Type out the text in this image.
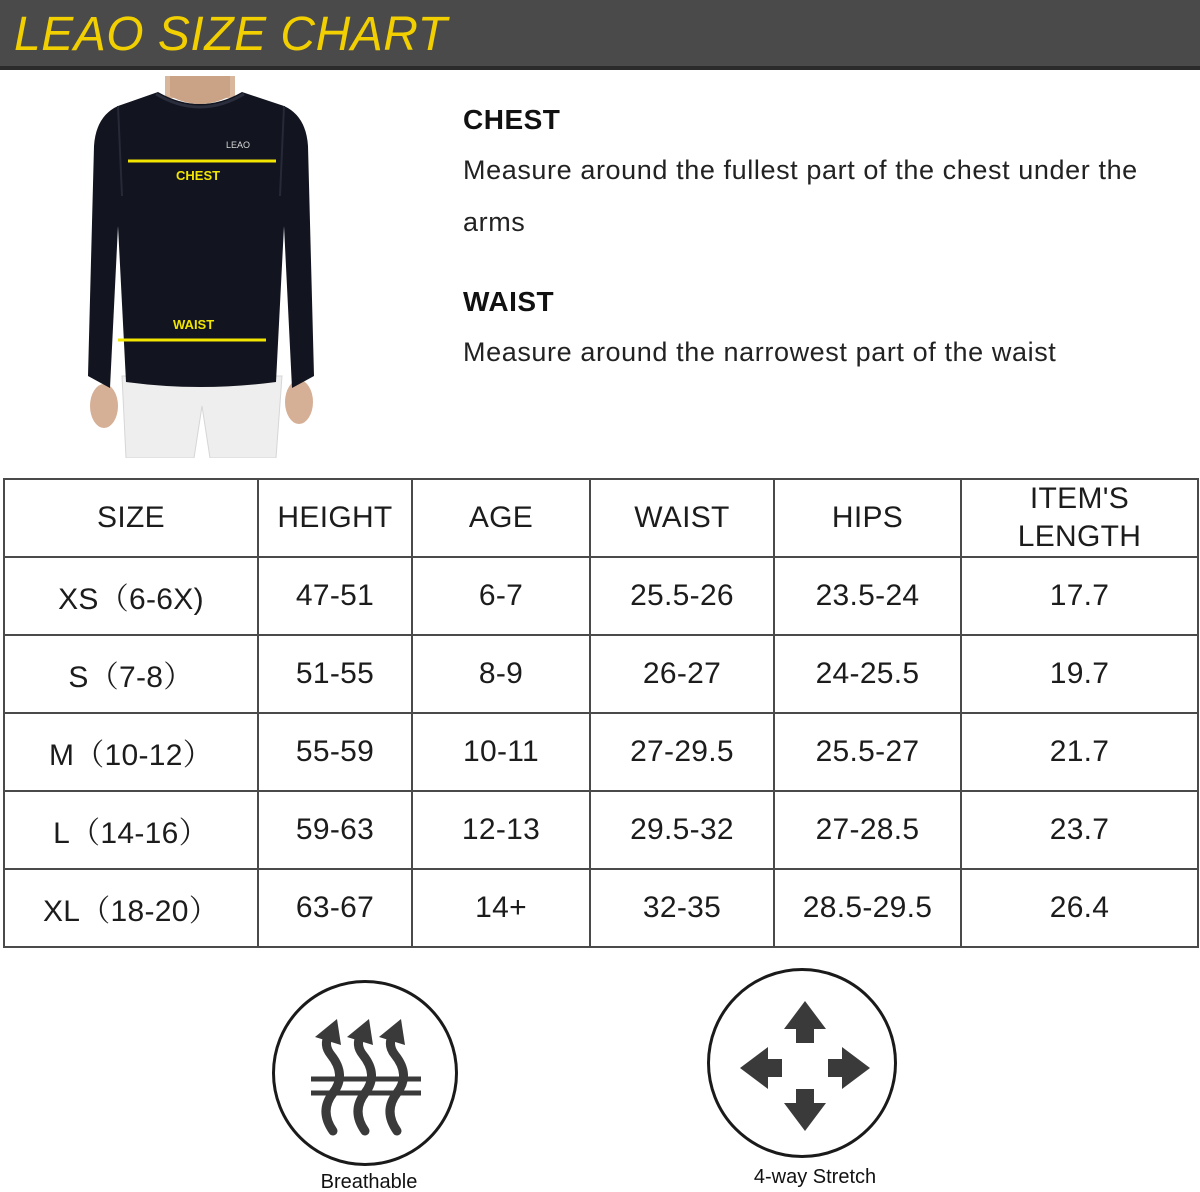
LEAO SIZE CHART
LEAO
CHEST
WAIST
CHEST
Measure around the fullest part of the chest under the arms
WAIST
Measure around the narrowest part of the waist
SIZE	HEIGHT	AGE	WAIST	HIPS	ITEM'S LENGTH
XS（6-6X)	47-51	6-7	25.5-26	23.5-24	17.7
S（7-8）	51-55	8-9	26-27	24-25.5	19.7
M（10-12）	55-59	10-11	27-29.5	25.5-27	21.7
L（14-16）	59-63	12-13	29.5-32	27-28.5	23.7
XL（18-20）	63-67	14+	32-35	28.5-29.5	26.4
Breathable	4-way Stretch
